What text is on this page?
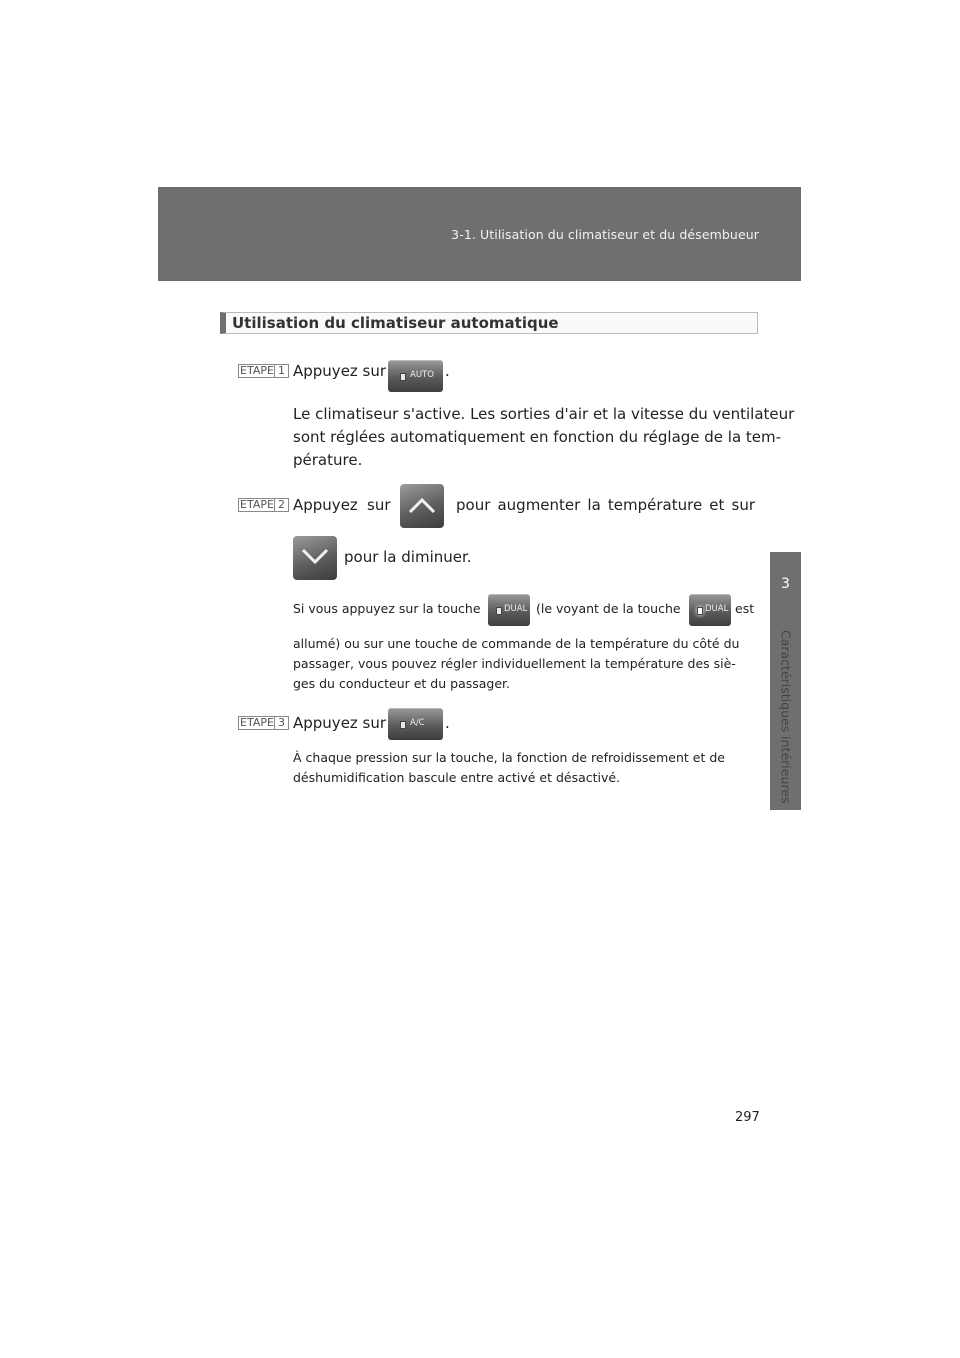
3-1. Utilisation du climatiseur et du désembueur
3
Caractéristiques intérieures
Utilisation du climatiseur automatique
ETAPE 1 Appuyez sur	AUTO .
Le climatiseur s'active. Les sorties d'air et la vitesse du ventilateur
sont réglées automatiquement en fonction du réglage de la tem-
pérature.
ETAPE 2 Appuyez sur	pour augmenter la température et sur
pour la diminuer.
Si vous appuyez sur la touche	DUAL (le voyant de la touche	DUAL est
allumé) ou sur une touche de commande de la température du côté du
passager, vous pouvez régler individuellement la température des siè-
ges du conducteur et du passager.
ETAPE 3 Appuyez sur	A/C .
À chaque pression sur la touche, la fonction de refroidissement et de
déshumidification bascule entre activé et désactivé.
297
